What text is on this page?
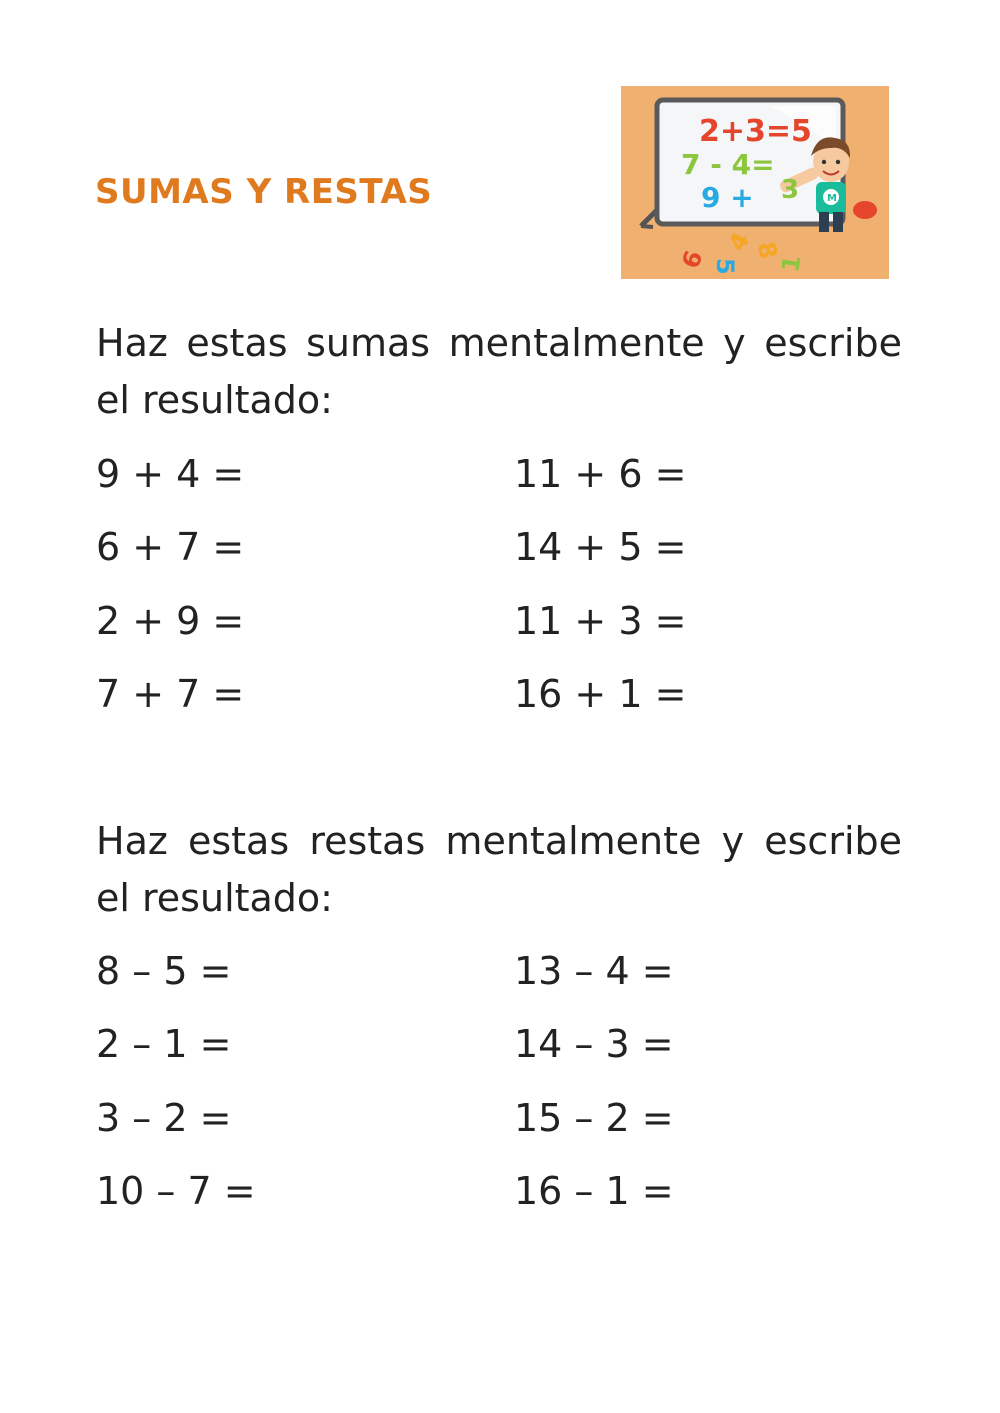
SUMAS Y RESTAS
2+3=5
7 - 4=
9 +	M
3
6 5
4
8
1

Haz estas sumas mentalmente y escribe el resultado:

9 + 4 =
6 + 7 =
2 + 9 =
7 + 7 =
11 + 6 =
14 + 5 =
11 + 3 =
16 + 1 =

Haz estas restas mentalmente y escribe el resultado:

8 – 5 =
2 – 1 =
3 – 2 =
10 – 7 =
13 – 4 =
14 – 3 =
15 – 2 =
16 – 1 =
